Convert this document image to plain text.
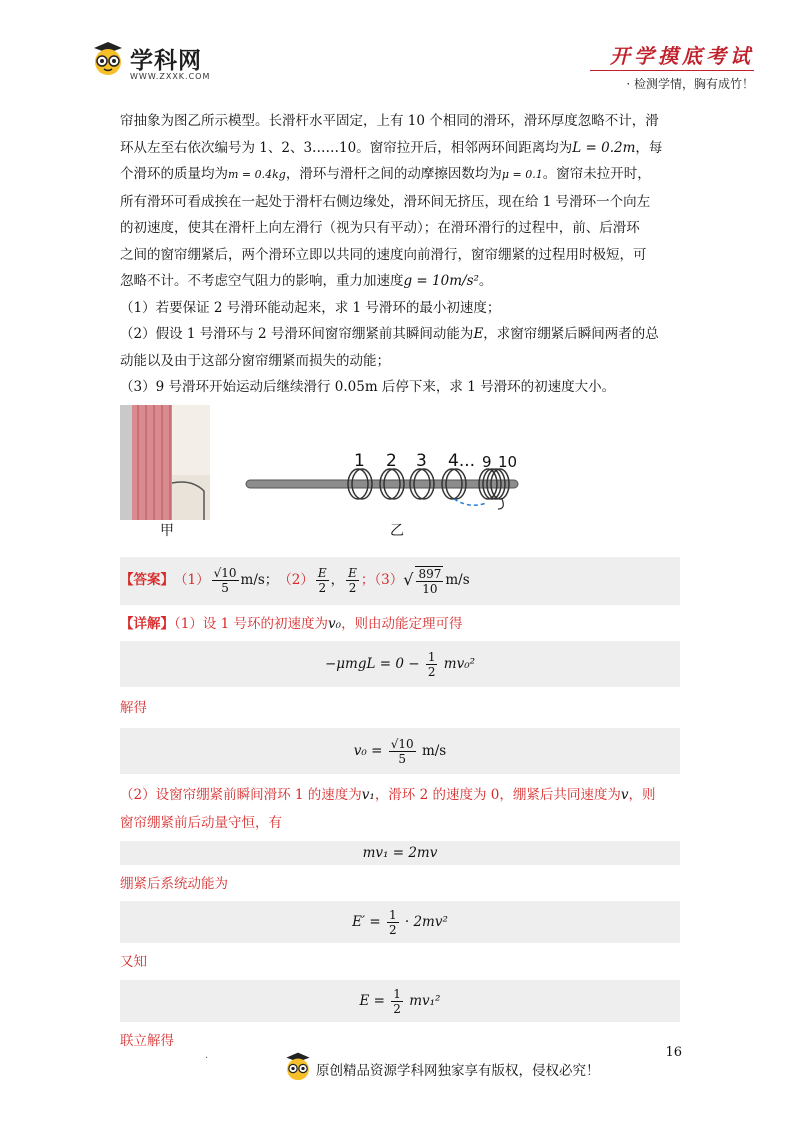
学科网
WWW.ZXXK.COM
开学摸底考试
· 检测学情，胸有成竹！

帘抽象为图乙所示模型。长滑杆水平固定，上有 10 个相同的滑环，滑环厚度忽略不计，滑

环从左至右依次编号为 1、2、3……10。窗帘拉开后，相邻两环间距离均为L = 0.2m，每

个滑环的质量均为m = 0.4kg，滑环与滑杆之间的动摩擦因数均为μ = 0.1。窗帘未拉开时，

所有滑环可看成挨在一起处于滑杆右侧边缘处，滑环间无挤压，现在给 1 号滑环一个向左

的初速度，使其在滑杆上向左滑行（视为只有平动）；在滑环滑行的过程中，前、后滑环

之间的窗帘绷紧后，两个滑环立即以共同的速度向前滑行，窗帘绷紧的过程用时极短，可

忽略不计。不考虑空气阻力的影响，重力加速度g = 10m/s²。

（1）若要保证 2 号滑环能动起来，求 1 号滑环的最小初速度；

（2）假设 1 号滑环与 2 号滑环间窗帘绷紧前其瞬间动能为E，求窗帘绷紧后瞬间两者的总

动能以及由于这部分窗帘绷紧而损失的动能；

（3）9 号滑环开始运动后继续滑行 0.05m 后停下来，求 1 号滑环的初速度大小。

甲
1 2 3 4... 9 10
乙
【答案】 $(1) \frac{√10}{5} m/s$； $(2) \frac{E}{2}$ ， $\frac{E}{2}$ ；（3） √ $\frac{897}{10} m/s$

【详解】（1）设 1 号环的初速度为v₀，则由动能定理可得

$-\mu mgL = 0 - \frac{1}{2} mv_0^2$

解得

$v_0 = \frac{√10}{5} m/s$

（2）设窗帘绷紧前瞬间滑环 1 的速度为v₁，滑环 2 的速度为 0，绷紧后共同速度为v，则

窗帘绷紧前后动量守恒，有

mv₁ = 2mv

绷紧后系统动能为

$E' = \frac{1}{2} \cdot 2mv^2$

又知

$E = \frac{1}{2} mv_1^2$

联立解得

·	16
原创精品资源学科网独家享有版权，侵权必究！
